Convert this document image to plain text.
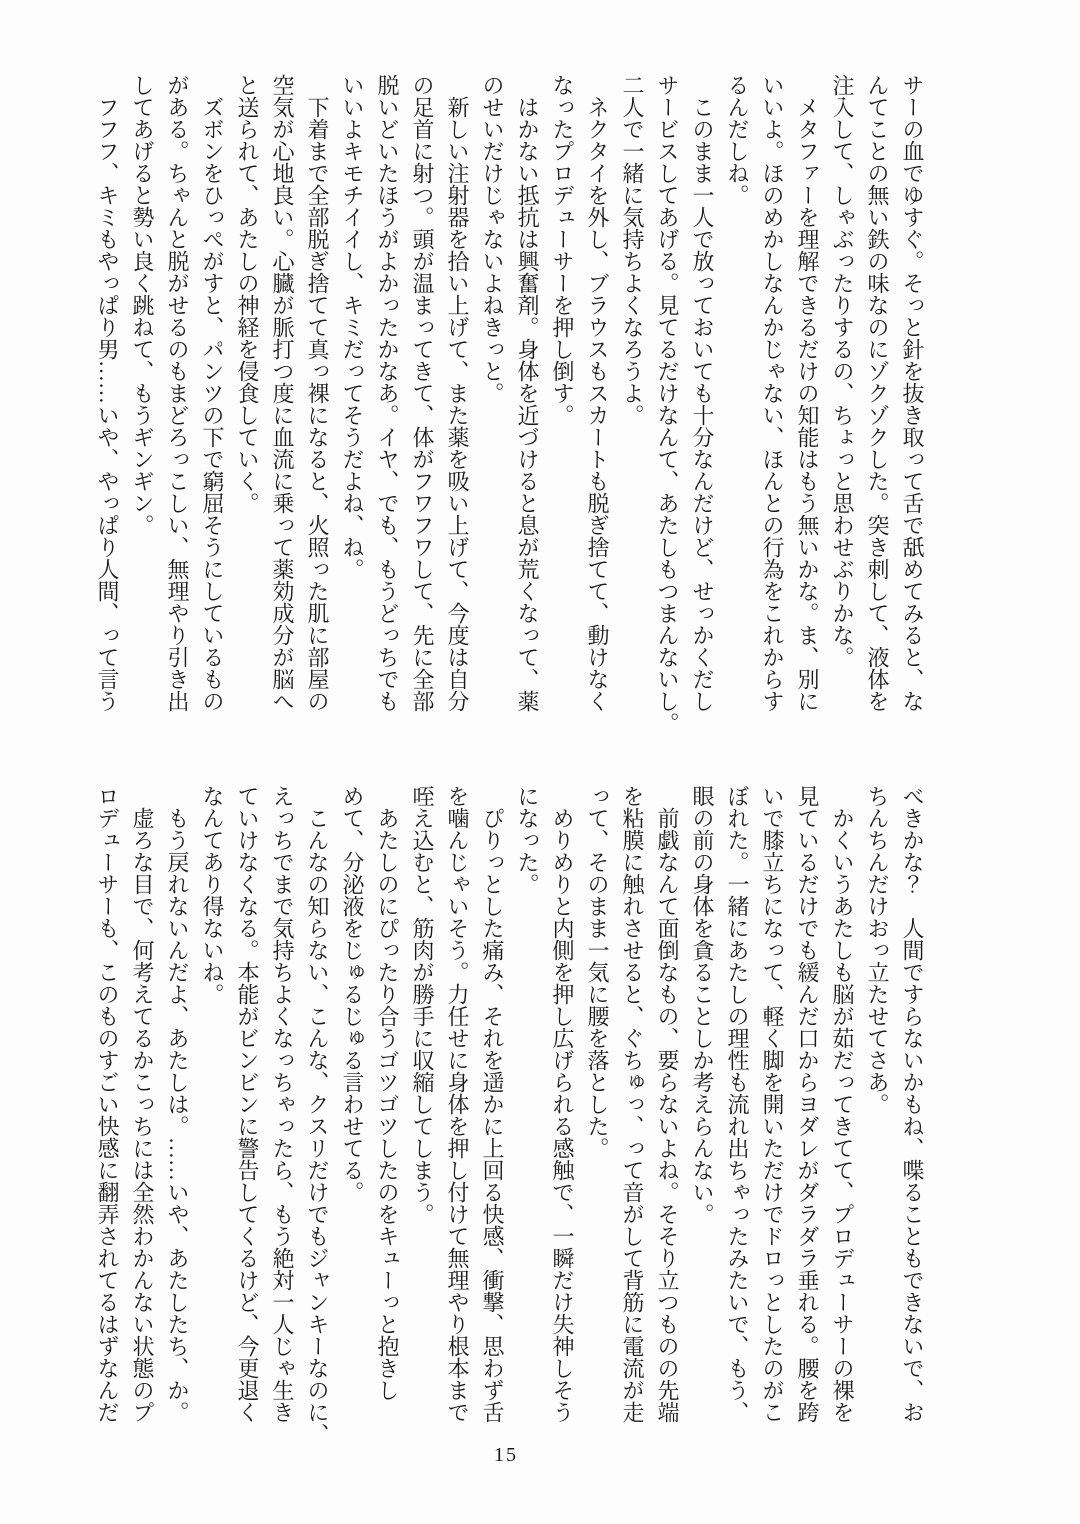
サーの血でゆすぐ。そっと針を抜き取って舌で舐めてみると、な
んてことの無い鉄の味なのにゾクゾクした。突き刺して、液体を
注入して、しゃぶったりするの、ちょっと思わせぶりかな。
　メタファーを理解できるだけの知能はもう無いかな。ま、別に
いいよ。ほのめかしなんかじゃない、ほんとの行為をこれからす
るんだしね。
　このまま一人で放っておいても十分なんだけど、せっかくだし
サービスしてあげる。見てるだけなんて、あたしもつまんないし。
二人で一緒に気持ちよくなろうよ。
　ネクタイを外し、ブラウスもスカートも脱ぎ捨てて、動けなく
なったプロデューサーを押し倒す。
　はかない抵抗は興奮剤。身体を近づけると息が荒くなって、薬
のせいだけじゃないよねきっと。
　新しい注射器を拾い上げて、また薬を吸い上げて、今度は自分
の足首に射つ。頭が温まってきて、体がフワフワして、先に全部
脱いどいたほうがよかったかなあ。イヤ、でも、もうどっちでも
いいよキモチイイし、キミだってそうだよね、ね。
　下着まで全部脱ぎ捨てて真っ裸になると、火照った肌に部屋の
空気が心地良い。心臓が脈打つ度に血流に乗って薬効成分が脳へ
と送られて、あたしの神経を侵食していく。
　ズボンをひっぺがすと、パンツの下で窮屈そうにしているもの
がある。ちゃんと脱がせるのもまどろっこしい、無理やり引き出
してあげると勢い良く跳ねて、もうギンギン。
　フフフ、キミもやっぱり男……いや、やっぱり人間、って言う
べきかな？　人間ですらないかもね、喋ることもできないで、お
ちんちんだけおっ立たせてさあ。
　かくいうあたしも脳が茹だってきてて、プロデューサーの裸を
見ているだけでも緩んだ口からヨダレがダラダラ垂れる。腰を跨
いで膝立ちになって、軽く脚を開いただけでドロっとしたのがこ
ぼれた。一緒にあたしの理性も流れ出ちゃったみたいで、もう、
眼の前の身体を貪ることしか考えらんない。
　前戯なんて面倒なもの、要らないよね。そそり立つものの先端
を粘膜に触れさせると、ぐちゅっ、って音がして背筋に電流が走
って、そのまま一気に腰を落とした。
　めりめりと内側を押し広げられる感触で、一瞬だけ失神しそう
になった。
　ぴりっとした痛み、それを遥かに上回る快感、衝撃、思わず舌
を噛んじゃいそう。力任せに身体を押し付けて無理やり根本まで
咥え込むと、筋肉が勝手に収縮してしまう。
　あたしのにぴったり合うゴツゴツしたのをキューっと抱きし
めて、分泌液をじゅるじゅる言わせてる。
　こんなの知らない、こんな、クスリだけでもジャンキーなのに、
えっちでまで気持ちよくなっちゃったら、もう絶対一人じゃ生き
ていけなくなる。本能がビンビンに警告してくるけど、今更退く
なんてあり得ないね。
　もう戻れないんだよ、あたしは。……いや、あたしたち、か。
　虚ろな目で、何考えてるかこっちには全然わかんない状態のプ
ロデューサーも、このものすごい快感に翻弄されてるはずなんだ
15
